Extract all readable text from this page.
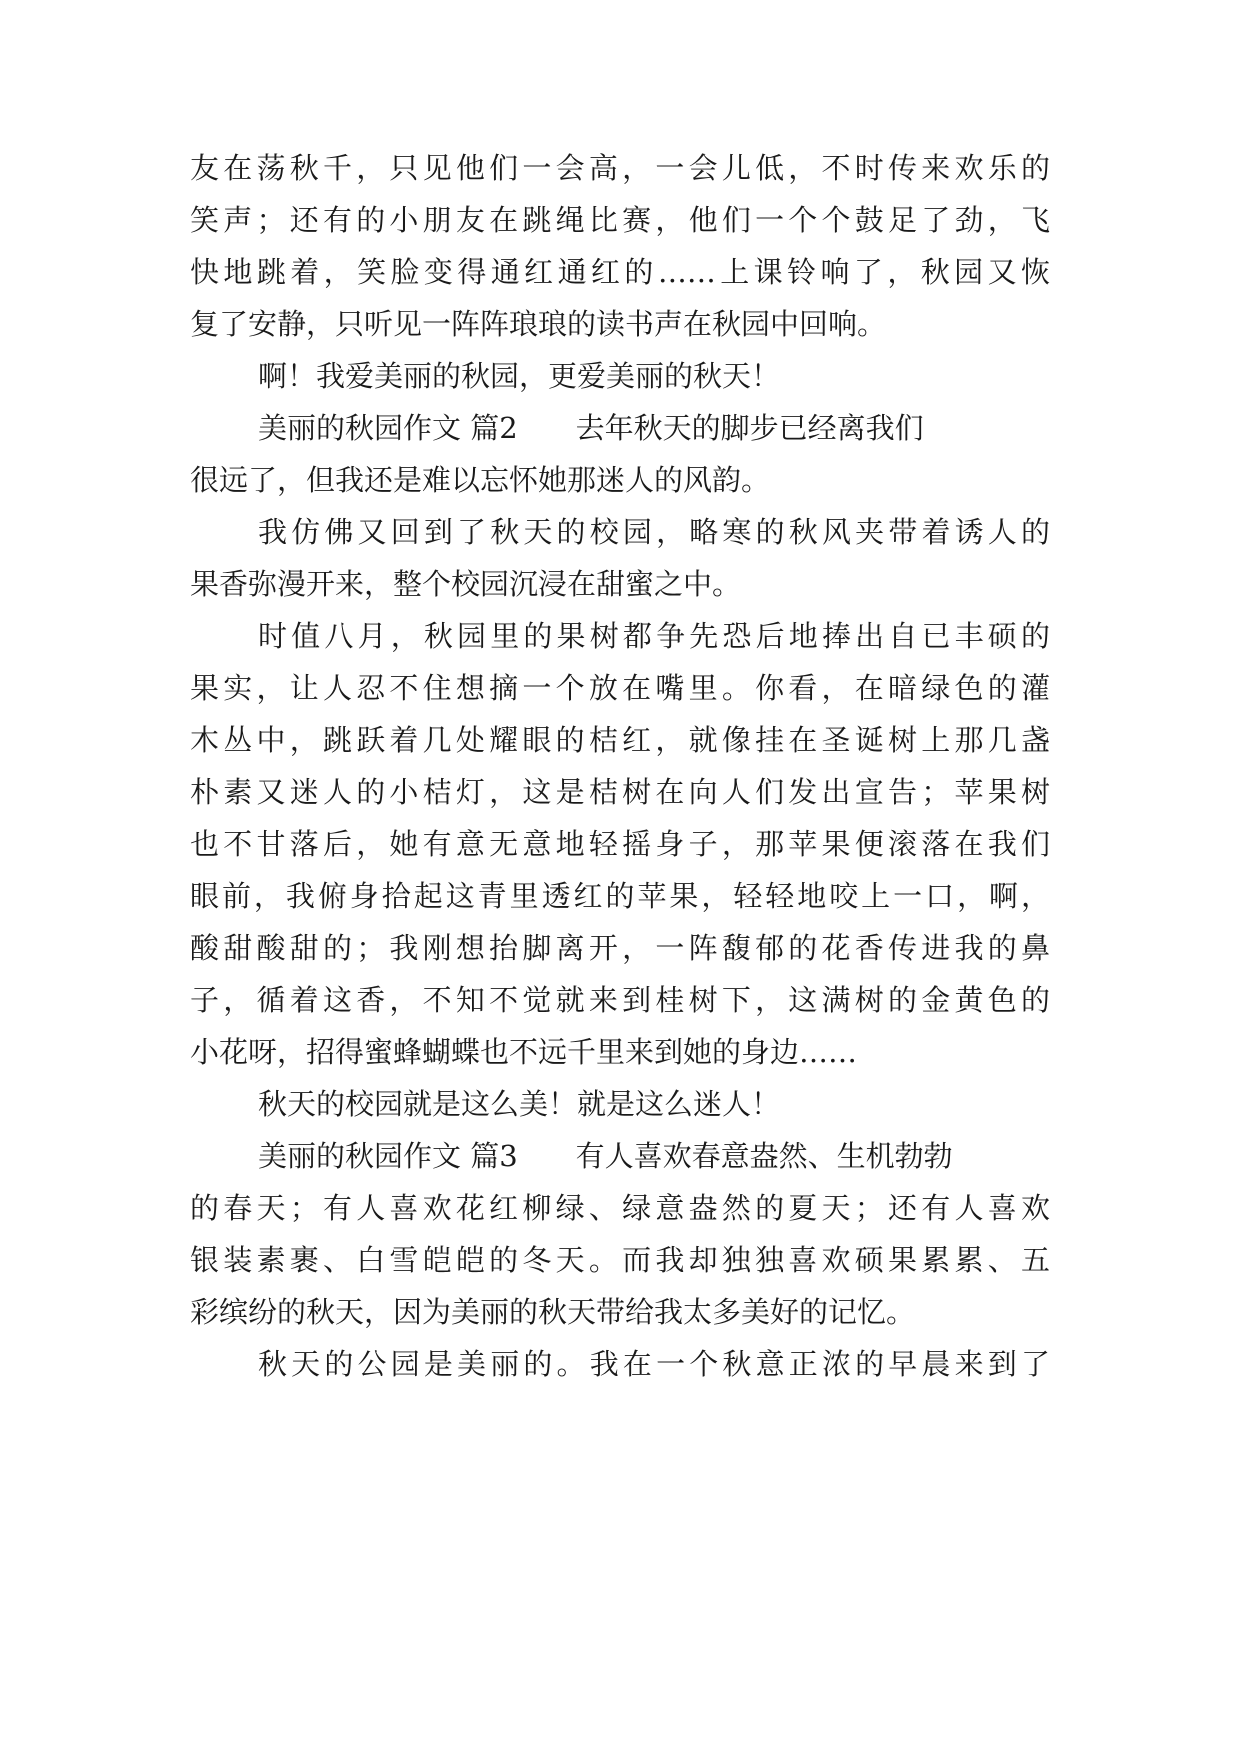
友在荡秋千，只见他们一会高，一会儿低，不时传来欢乐的
笑声；还有的小朋友在跳绳比赛，他们一个个鼓足了劲，飞
快地跳着，笑脸变得通红通红的……上课铃响了，秋园又恢
复了安静，只听见一阵阵琅琅的读书声在秋园中回响。
啊！我爱美丽的秋园，更爱美丽的秋天！
美丽的秋园作文 篇2 去年秋天的脚步已经离我们
很远了，但我还是难以忘怀她那迷人的风韵。
我仿佛又回到了秋天的校园，略寒的秋风夹带着诱人的
果香弥漫开来，整个校园沉浸在甜蜜之中。
时值八月，秋园里的果树都争先恐后地捧出自已丰硕的
果实，让人忍不住想摘一个放在嘴里。你看，在暗绿色的灌
木丛中，跳跃着几处耀眼的桔红，就像挂在圣诞树上那几盏
朴素又迷人的小桔灯，这是桔树在向人们发出宣告；苹果树
也不甘落后，她有意无意地轻摇身子，那苹果便滚落在我们
眼前，我俯身拾起这青里透红的苹果，轻轻地咬上一口，啊，
酸甜酸甜的；我刚想抬脚离开，一阵馥郁的花香传进我的鼻
子，循着这香，不知不觉就来到桂树下，这满树的金黄色的
小花呀，招得蜜蜂蝴蝶也不远千里来到她的身边……
秋天的校园就是这么美！就是这么迷人！
美丽的秋园作文 篇3 有人喜欢春意盎然、生机勃勃
的春天；有人喜欢花红柳绿、绿意盎然的夏天；还有人喜欢
银装素裹、白雪皑皑的冬天。而我却独独喜欢硕果累累、五
彩缤纷的秋天，因为美丽的秋天带给我太多美好的记忆。
秋天的公园是美丽的。我在一个秋意正浓的早晨来到了
